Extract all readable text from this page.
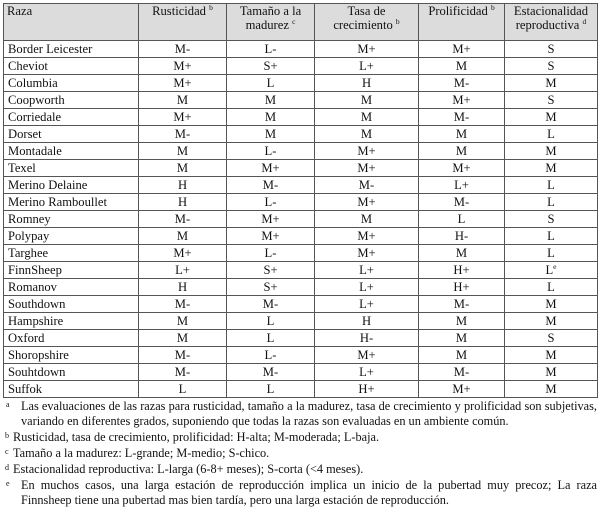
Raza	Rusticidad $^b$	Tamaño a la madurez $^c$	Tasa de crecimiento $^b$	Prolificidad $^b$	Estacionalidad reproductiva $^d$
Border Leicester	M-	L-	M+	M+	S
Cheviot	M+	S+	L+	M	S
Columbia	M+	L	H	M-	M
Coopworth	M	M	M	M+	S
Corriedale	M+	M	M	M-	M
Dorset	M-	M	M	M	L
Montadale	M	L-	M+	M	M
Texel	M	M+	M+	M+	M
Merino Delaine	H	M-	M-	L+	L
Merino Ramboullet	H	L-	M+	M-	L
Romney	M-	M+	M	L	S
Polypay	M	M+	M+	H-	L
Targhee	M+	L-	M+	M	L
FinnSheep	L+	S+	L+	H+	$L^e$
Romanov	H	S+	L+	H+	L
Southdown	M-	M-	L+	M-	M
Hampshire	M	L	H	M	M
Oxford	M	L	H-	M	S
Shoropshire	M-	L-	M+	M	M
Souhtdown	M-	M-	L+	M-	M
Suffok	L	L	H+	M+	M
a Las evaluaciones de las razas para rusticidad, tamaño a la madurez, tasa de crecimiento y prolificidad son subjetivas, variando en diferentes grados, suponiendo que todas la razas son evaluadas en un ambiente común.
b Rusticidad, tasa de crecimiento, prolificidad: H-alta; M-moderada; L-baja.
c Tamaño a la madurez: L-grande; M-medio; S-chico.
d Estacionalidad reproductiva: L-larga (6-8+ meses); S-corta (<4 meses).
e En muchos casos, una larga estación de reproducción implica un inicio de la pubertad muy precoz; La raza Finnsheep tiene una pubertad mas bien tardía, pero una larga estación de reproducción.
